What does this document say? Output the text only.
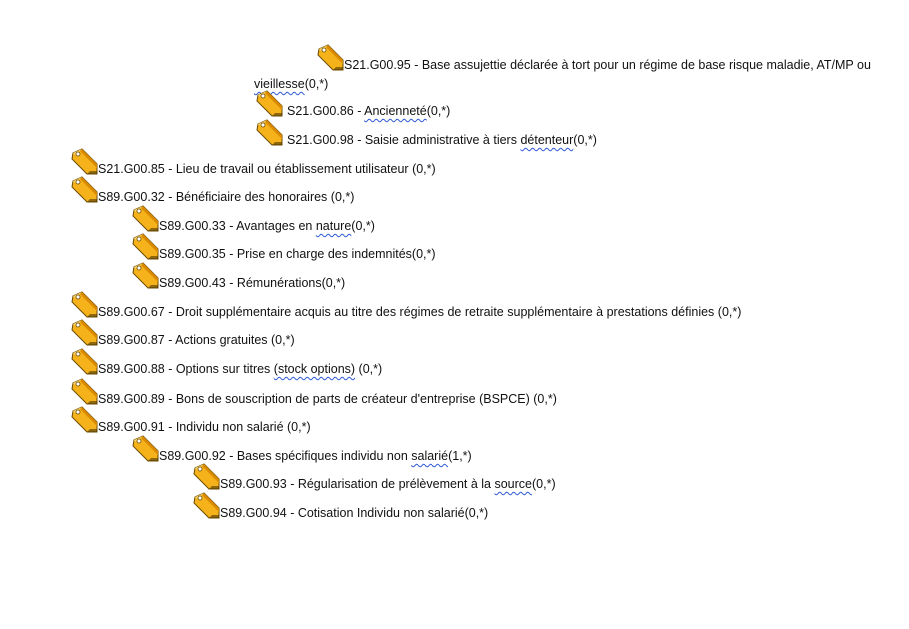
S21.G00.95 - Base assujettie déclarée à tort pour un régime de base risque maladie, AT/MP ou
vieillesse(0,*)
S21.G00.86 - Ancienneté(0,*)
S21.G00.98 - Saisie administrative à tiers détenteur(0,*)
S21.G00.85 - Lieu de travail ou établissement utilisateur (0,*)
S89.G00.32 - Bénéficiaire des honoraires (0,*)
S89.G00.33 - Avantages en nature(0,*)
S89.G00.35 - Prise en charge des indemnités(0,*)
S89.G00.43 - Rémunérations(0,*)
S89.G00.67 - Droit supplémentaire acquis au titre des régimes de retraite supplémentaire à prestations définies (0,*)
S89.G00.87 - Actions gratuites (0,*)
S89.G00.88 - Options sur titres (stock options) (0,*)
S89.G00.89 - Bons de souscription de parts de créateur d'entreprise (BSPCE) (0,*)
S89.G00.91 - Individu non salarié (0,*)
S89.G00.92 - Bases spécifiques individu non salarié(1,*)
S89.G00.93 - Régularisation de prélèvement à la source(0,*)
S89.G00.94 - Cotisation Individu non salarié(0,*)
